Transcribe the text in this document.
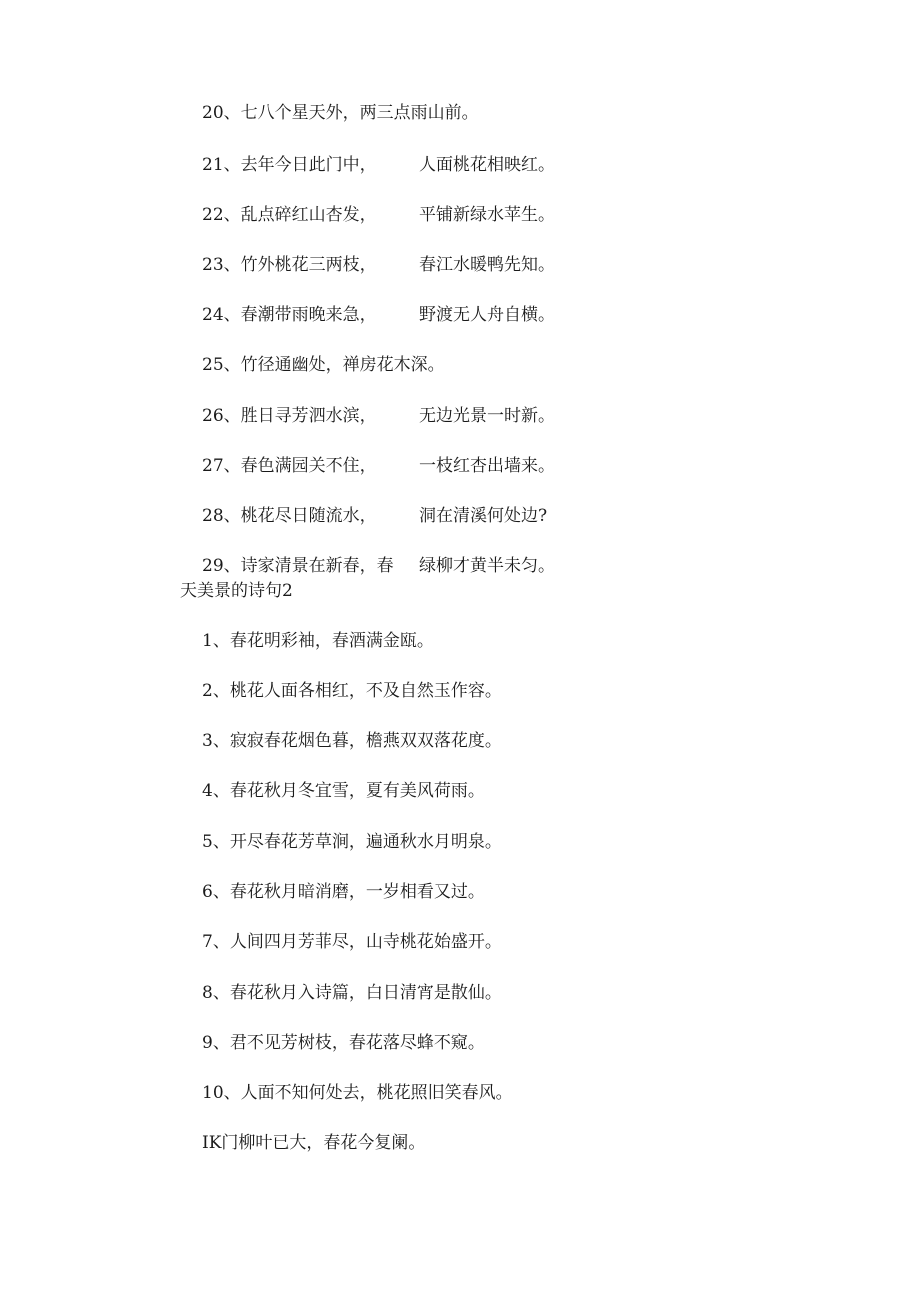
20、七八个星天外，两三点雨山前。
21、去年今日此门中， 人面桃花相映红。
22、乱点碎红山杏发， 平铺新绿水苹生。
23、竹外桃花三两枝， 春江水暖鸭先知。
24、春潮带雨晚来急， 野渡无人舟自横。
25、竹径通幽处，禅房花木深。
26、胜日寻芳泗水滨， 无边光景一时新。
27、春色满园关不住， 一枝红杏出墙来。
28、桃花尽日随流水， 洞在清溪何处边?
29、诗家清景在新春，春 绿柳才黄半未匀。
天美景的诗句2
1、春花明彩袖，春酒满金瓯。
2、桃花人面各相红，不及自然玉作容。
3、寂寂春花烟色暮，檐燕双双落花度。
4、春花秋月冬宜雪，夏有美风荷雨。
5、开尽春花芳草涧，遍通秋水月明泉。
6、春花秋月暗消磨，一岁相看又过。
7、人间四月芳菲尽，山寺桃花始盛开。
8、春花秋月入诗篇，白日清宵是散仙。
9、君不见芳树枝，春花落尽蜂不窥。
10、人面不知何处去，桃花照旧笑春风。
IK门柳叶已大，春花今复阑。
